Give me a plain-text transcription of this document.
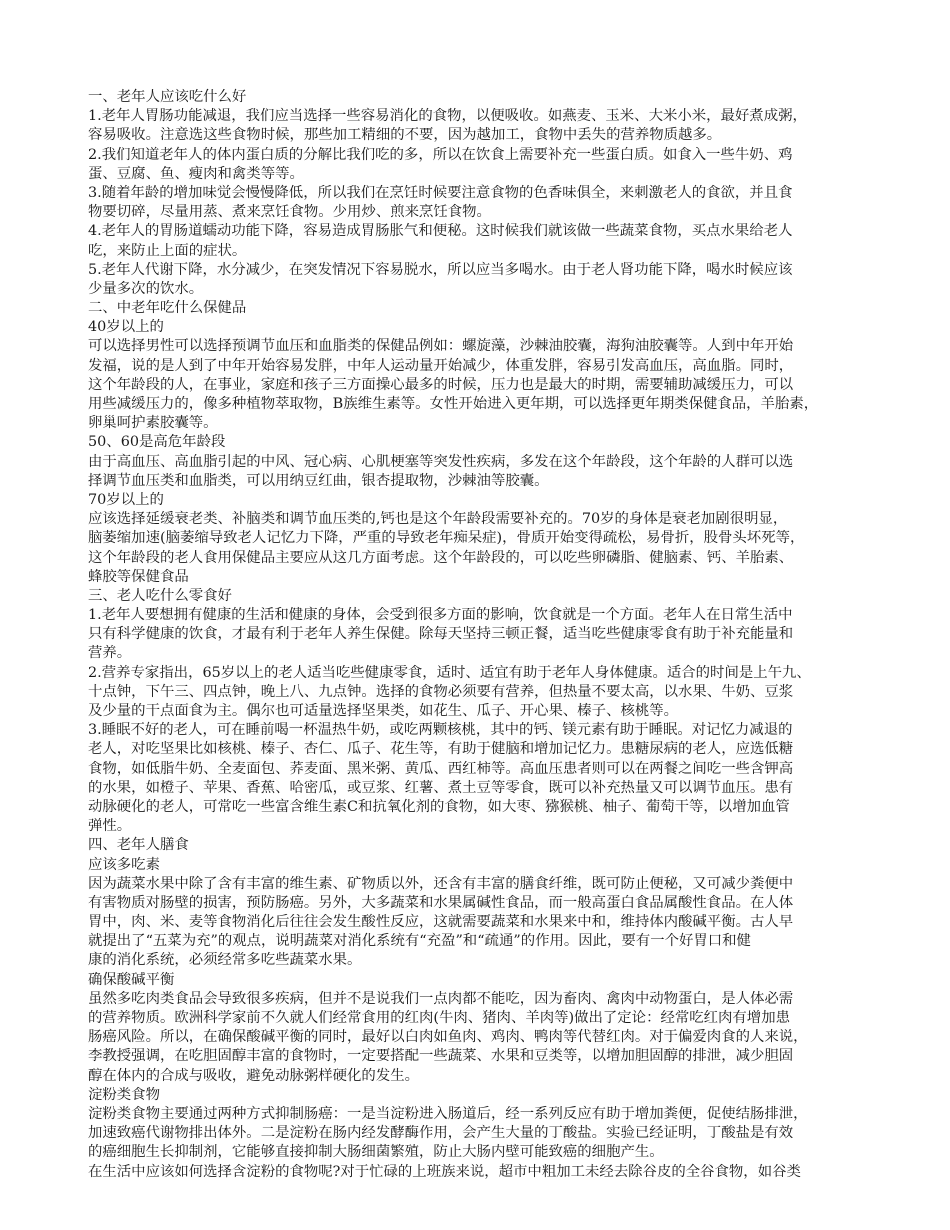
一、老年人应该吃什么好
1.老年人胃肠功能减退，我们应当选择一些容易消化的食物，以便吸收。如燕麦、玉米、大米小米，最好煮成粥，
容易吸收。注意选这些食物时候，那些加工精细的不要，因为越加工，食物中丢失的营养物质越多。
2.我们知道老年人的体内蛋白质的分解比我们吃的多，所以在饮食上需要补充一些蛋白质。如食入一些牛奶、鸡
蛋、豆腐、鱼、瘦肉和禽类等等。
3.随着年龄的增加味觉会慢慢降低，所以我们在烹饪时候要注意食物的色香味俱全，来刺激老人的食欲，并且食
物要切碎，尽量用蒸、煮来烹饪食物。少用炒、煎来烹饪食物。
4.老年人的胃肠道蠕动功能下降，容易造成胃肠胀气和便秘。这时候我们就该做一些蔬菜食物，买点水果给老人
吃，来防止上面的症状。
5.老年人代谢下降，水分减少，在突发情况下容易脱水，所以应当多喝水。由于老人肾功能下降，喝水时候应该
少量多次的饮水。
二、中老年吃什么保健品
40岁以上的
可以选择男性可以选择预调节血压和血脂类的保健品例如：螺旋藻，沙棘油胶囊，海狗油胶囊等。人到中年开始
发福，说的是人到了中年开始容易发胖，中年人运动量开始减少，体重发胖，容易引发高血压，高血脂。同时，
这个年龄段的人，在事业，家庭和孩子三方面操心最多的时候，压力也是最大的时期，需要辅助减缓压力，可以
用些减缓压力的，像多种植物萃取物，B族维生素等。女性开始进入更年期，可以选择更年期类保健食品，羊胎素，
卵巢呵护素胶囊等。
50、60是高危年龄段
由于高血压、高血脂引起的中风、冠心病、心肌梗塞等突发性疾病，多发在这个年龄段，这个年龄的人群可以选
择调节血压类和血脂类，可以用纳豆红曲，银杏提取物，沙棘油等胶囊。
70岁以上的
应该选择延缓衰老类、补脑类和调节血压类的,钙也是这个年龄段需要补充的。70岁的身体是衰老加剧很明显，
脑萎缩加速(脑萎缩导致老人记忆力下降，严重的导致老年痴呆症)，骨质开始变得疏松，易骨折，股骨头坏死等，
这个年龄段的老人食用保健品主要应从这几方面考虑。这个年龄段的，可以吃些卵磷脂、健脑素、钙、羊胎素、
蜂胶等保健食品
三、老人吃什么零食好
1.老年人要想拥有健康的生活和健康的身体，会受到很多方面的影响，饮食就是一个方面。老年人在日常生活中
只有科学健康的饮食，才最有利于老年人养生保健。除每天坚持三顿正餐，适当吃些健康零食有助于补充能量和
营养。
2.营养专家指出，65岁以上的老人适当吃些健康零食，适时、适宜有助于老年人身体健康。适合的时间是上午九、
十点钟，下午三、四点钟，晚上八、九点钟。选择的食物必须要有营养，但热量不要太高，以水果、牛奶、豆浆
及少量的干点面食为主。偶尔也可适量选择坚果类，如花生、瓜子、开心果、榛子、核桃等。
3.睡眠不好的老人，可在睡前喝一杯温热牛奶，或吃两颗核桃，其中的钙、镁元素有助于睡眠。对记忆力减退的
老人，对吃坚果比如核桃、榛子、杏仁、瓜子、花生等，有助于健脑和增加记忆力。患糖尿病的老人，应选低糖
食物，如低脂牛奶、全麦面包、荞麦面、黑米粥、黄瓜、西红柿等。高血压患者则可以在两餐之间吃一些含钾高
的水果，如橙子、苹果、香蕉、哈密瓜，或豆浆、红薯、煮土豆等零食，既可以补充热量又可以调节血压。患有
动脉硬化的老人，可常吃一些富含维生素C和抗氧化剂的食物，如大枣、猕猴桃、柚子、葡萄干等，以增加血管
弹性。
四、老年人膳食
应该多吃素
因为蔬菜水果中除了含有丰富的维生素、矿物质以外，还含有丰富的膳食纤维，既可防止便秘，又可减少粪便中
有害物质对肠壁的损害，预防肠癌。另外，大多蔬菜和水果属碱性食品，而一般高蛋白食品属酸性食品。在人体
胃中，肉、米、麦等食物消化后往往会发生酸性反应，这就需要蔬菜和水果来中和，维持体内酸碱平衡。古人早
就提出了“五菜为充”的观点，说明蔬菜对消化系统有“充盈”和“疏通”的作用。因此，要有一个好胃口和健
康的消化系统，必须经常多吃些蔬菜水果。
确保酸碱平衡
虽然多吃肉类食品会导致很多疾病，但并不是说我们一点肉都不能吃，因为畜肉、禽肉中动物蛋白，是人体必需
的营养物质。欧洲科学家前不久就人们经常食用的红肉(牛肉、猪肉、羊肉等)做出了定论：经常吃红肉有增加患
肠癌风险。所以，在确保酸碱平衡的同时，最好以白肉如鱼肉、鸡肉、鸭肉等代替红肉。对于偏爱肉食的人来说，
李教授强调，在吃胆固醇丰富的食物时，一定要搭配一些蔬菜、水果和豆类等，以增加胆固醇的排泄，减少胆固
醇在体内的合成与吸收，避免动脉粥样硬化的发生。
淀粉类食物
淀粉类食物主要通过两种方式抑制肠癌：一是当淀粉进入肠道后，经一系列反应有助于增加粪便，促使结肠排泄，
加速致癌代谢物排出体外。二是淀粉在肠内经发酵酶作用，会产生大量的丁酸盐。实验已经证明，丁酸盐是有效
的癌细胞生长抑制剂，它能够直接抑制大肠细菌繁殖，防止大肠内壁可能致癌的细胞产生。
在生活中应该如何选择含淀粉的食物呢?对于忙碌的上班族来说，超市中粗加工未经去除谷皮的全谷食物，如谷类
